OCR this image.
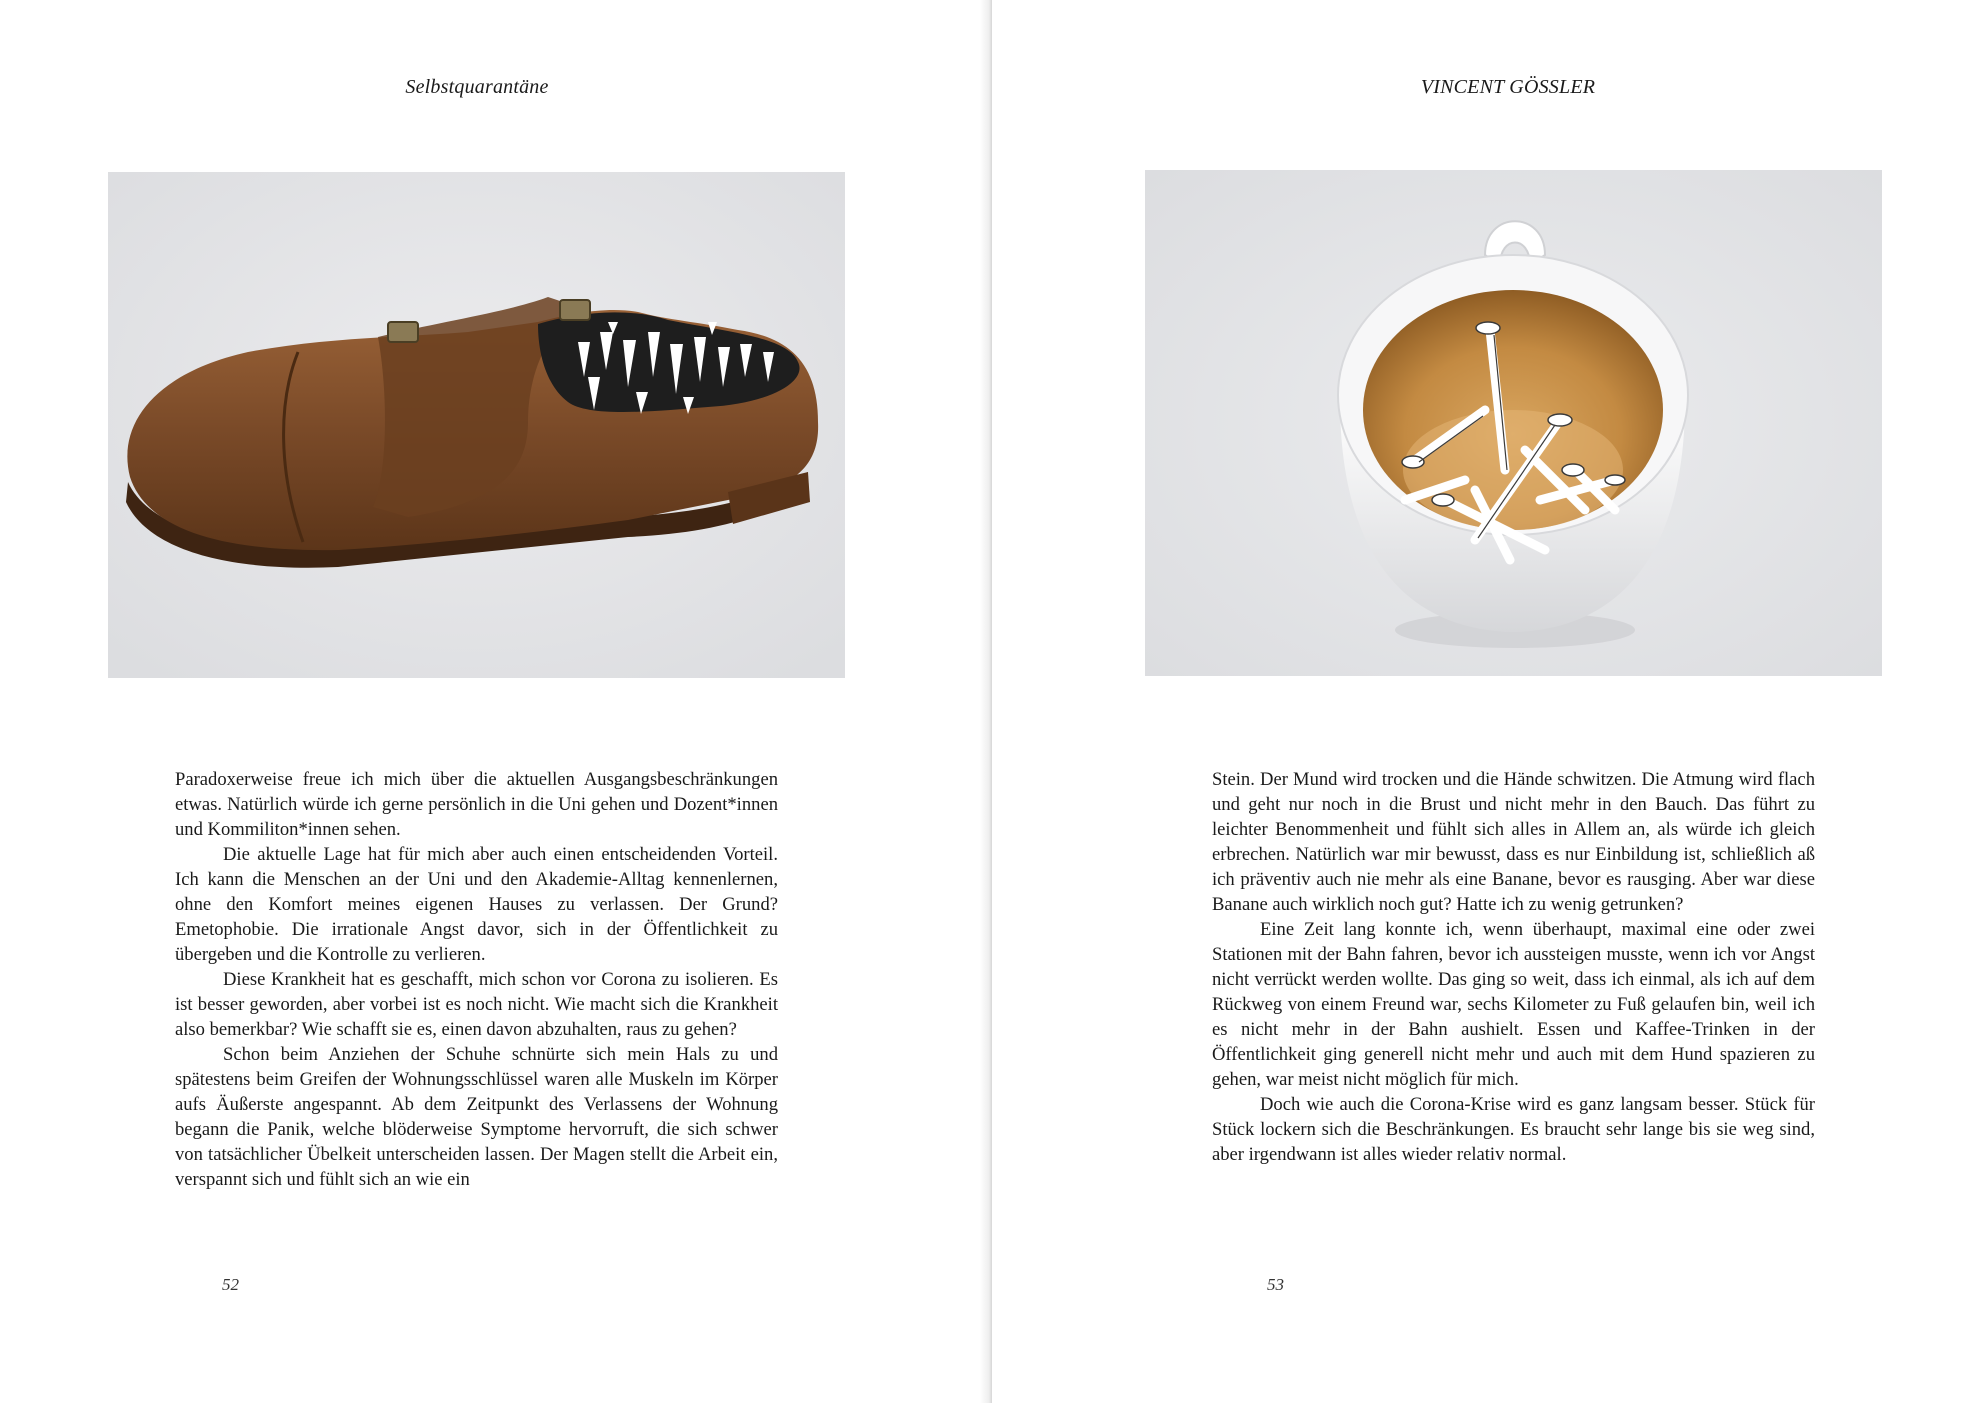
Selbstquarantäne

Paradoxerweise freue ich mich über die aktuellen Ausgangsbeschränkungen etwas. Natürlich würde ich gerne persönlich in die Uni gehen und Dozent*innen und Kommiliton*innen sehen.

Die aktuelle Lage hat für mich aber auch einen entscheidenden Vorteil. Ich kann die Menschen an der Uni und den Akademie-Alltag kennenlernen, ohne den Komfort meines eigenen Hauses zu verlassen. Der Grund? Emetophobie. Die irrationale Angst davor, sich in der Öffentlichkeit zu übergeben und die Kontrolle zu verlieren.

Diese Krankheit hat es geschafft, mich schon vor Corona zu isolieren. Es ist besser geworden, aber vorbei ist es noch nicht. Wie macht sich die Krankheit also bemerkbar? Wie schafft sie es, einen davon abzuhalten, raus zu gehen?

Schon beim Anziehen der Schuhe schnürte sich mein Hals zu und spätestens beim Greifen der Wohnungsschlüssel waren alle Muskeln im Körper aufs Äußerste angespannt. Ab dem Zeitpunkt des Verlassens der Wohnung begann die Panik, welche blöderweise Symptome hervorruft, die sich schwer von tatsächlicher Übelkeit unterscheiden lassen. Der Magen stellt die Arbeit ein, verspannt sich und fühlt sich an wie ein

52
VINCENT GÖSSLER

Stein. Der Mund wird trocken und die Hände schwitzen. Die Atmung wird flach und geht nur noch in die Brust und nicht mehr in den Bauch. Das führt zu leichter Benommenheit und fühlt sich alles in Allem an, als würde ich gleich erbrechen. Natürlich war mir bewusst, dass es nur Einbildung ist, schließlich aß ich präventiv auch nie mehr als eine Banane, bevor es rausging. Aber war diese Banane auch wirklich noch gut? Hatte ich zu wenig getrunken?

Eine Zeit lang konnte ich, wenn überhaupt, maximal eine oder zwei Stationen mit der Bahn fahren, bevor ich aussteigen musste, wenn ich vor Angst nicht verrückt werden wollte. Das ging so weit, dass ich einmal, als ich auf dem Rückweg von einem Freund war, sechs Kilometer zu Fuß gelaufen bin, weil ich es nicht mehr in der Bahn aushielt. Essen und Kaffee-Trinken in der Öffentlichkeit ging generell nicht mehr und auch mit dem Hund spazieren zu gehen, war meist nicht möglich für mich.

Doch wie auch die Corona-Krise wird es ganz langsam besser. Stück für Stück lockern sich die Beschränkungen. Es braucht sehr lange bis sie weg sind, aber irgendwann ist alles wieder relativ normal.

53
